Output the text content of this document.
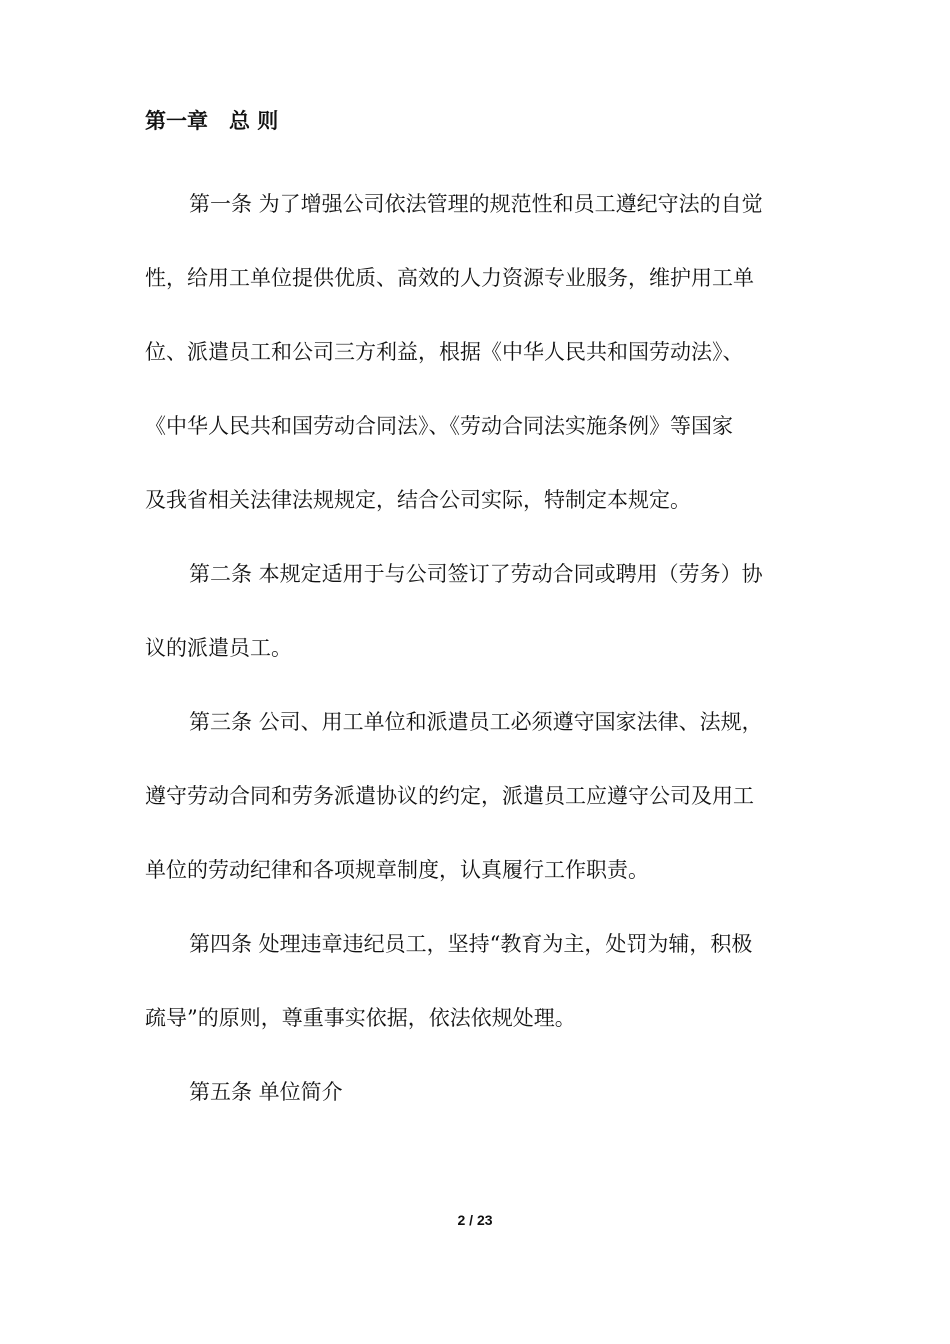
第一章　总 则
第一条 为了增强公司依法管理的规范性和员工遵纪守法的自觉
性，给用工单位提供优质、高效的人力资源专业服务，维护用工单
位、派遣员工和公司三方利益，根据《中华人民共和国劳动法》、
《中华人民共和国劳动合同法》、《劳动合同法实施条例》等国家
及我省相关法律法规规定，结合公司实际，特制定本规定。
第二条 本规定适用于与公司签订了劳动合同或聘用（劳务）协
议的派遣员工。
第三条 公司、用工单位和派遣员工必须遵守国家法律、法规，
遵守劳动合同和劳务派遣协议的约定，派遣员工应遵守公司及用工
单位的劳动纪律和各项规章制度，认真履行工作职责。
第四条 处理违章违纪员工，坚持“教育为主，处罚为辅，积极
疏导”的原则，尊重事实依据，依法依规处理。
第五条 单位简介
2 / 23
